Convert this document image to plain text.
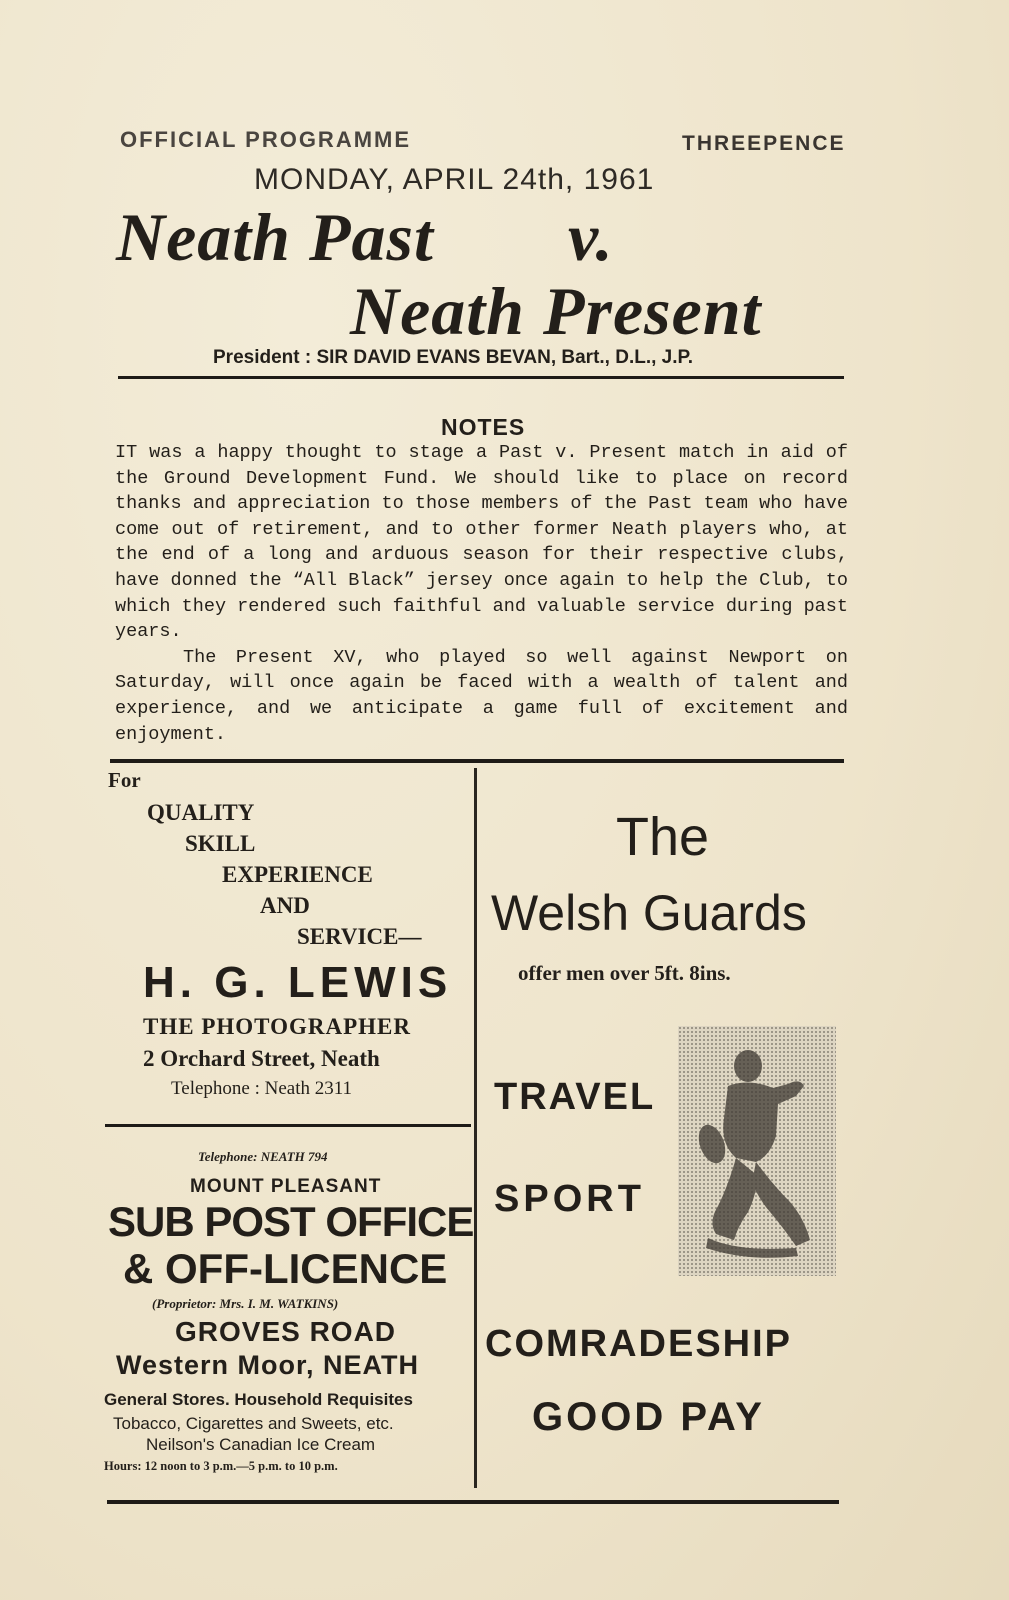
OFFICIAL PROGRAMME	THREEPENCE
MONDAY, APRIL 24th, 1961
Neath Past v.
Neath Present
President : SIR DAVID EVANS BEVAN, Bart., D.L., J.P.
NOTES

IT was a happy thought to stage a Past v. Present match in aid of the Ground Development Fund. We should like to place on record thanks and appreciation to those members of the Past team who have come out of retirement, and to other former Neath players who, at the end of a long and arduous season for their respective clubs, have donned the “All Black” jersey once again to help the Club, to which they rendered such faithful and valuable service during past years.

The Present XV, who played so well against Newport on Saturday, will once again be faced with a wealth of talent and experience, and we anticipate a game full of excitement and enjoyment.

For
QUALITY
SKILL
EXPERIENCE
AND
SERVICE—
H. G. LEWIS
THE PHOTOGRAPHER
2 Orchard Street, Neath
Telephone : Neath 2311
Telephone: NEATH 794
MOUNT PLEASANT
SUB POST OFFICE
& OFF-LICENCE
(Proprietor: Mrs. I. M. WATKINS)
GROVES ROAD
Western Moor, NEATH
General Stores. Household Requisites
Tobacco, Cigarettes and Sweets, etc.
Neilson's Canadian Ice Cream
Hours: 12 noon to 3 p.m.—5 p.m. to 10 p.m.
The
Welsh Guards
offer men over 5ft. 8ins.
TRAVEL
SPORT
COMRADESHIP
GOOD PAY
